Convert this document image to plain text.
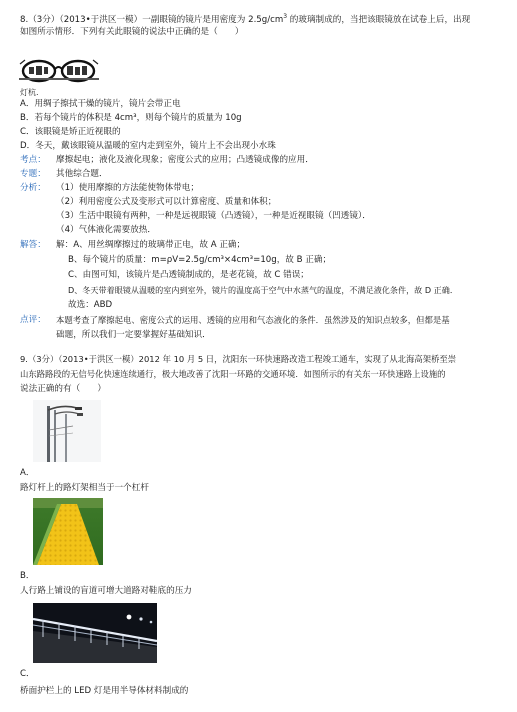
8.（3分）（2013•于洪区一模）一副眼镜的镜片是用密度为 $2.5g/cm^3$ 的玻璃制成的，当把该眼镜放在试卷上后，出现
如图所示情形．下列有关此眼镜的说法中正确的是（　　）
灯杭.
A．用绸子擦拭干燥的镜片，镜片会带正电
B．若每个镜片的体积是 4cm³，则每个镜片的质量为 10g
C．该眼镜是矫正近视眼的
D．冬天，戴该眼镜从温暖的室内走到室外，镜片上不会出现小水珠
考点： 摩擦起电；液化及液化现象；密度公式的应用；凸透镜成像的应用．
专题： 其他综合题．
分析： （1）使用摩擦的方法能使物体带电；
（2）利用密度公式及变形式可以计算密度、质量和体积；
（3）生活中眼镜有两种，一种是远视眼镜（凸透镜），一种是近视眼镜（凹透镜）．
（4）气体液化需要放热．
解答： 解：A、用丝绸摩擦过的玻璃带正电，故 A 正确；
B、每个镜片的质量：m=ρV=2.5g/cm³×4cm³=10g，故 B 正确；
C、由图可知，该镜片是凸透镜制成的，是老花镜，故 C 错误；
D、冬天带着眼镜从温暖的室内到室外，镜片的温度高于空气中水蒸气的温度，不满足液化条件，故 D 正确．
故选：ABD
点评： 本题考查了摩擦起电、密度公式的运用、透镜的应用和气态液化的条件．虽然涉及的知识点较多，但都是基
础题，所以我们一定要掌握好基础知识．
9.（3分）（2013•于洪区一模）2012 年 10 月 5 日，沈阳东一环快速路改造工程竣工通车，实现了从北海高架桥至崇
山东路路段的无信号化快速连续通行，极大地改善了沈阳一环路的交通环境．如图所示的有关东一环快速路上设施的
说法正确的有（　　）
A．
路灯杆上的路灯架相当于一个杠杆
B．
人行路上铺设的盲道可增大道路对鞋底的压力
C．
桥面护栏上的 LED 灯是用半导体材料制成的
